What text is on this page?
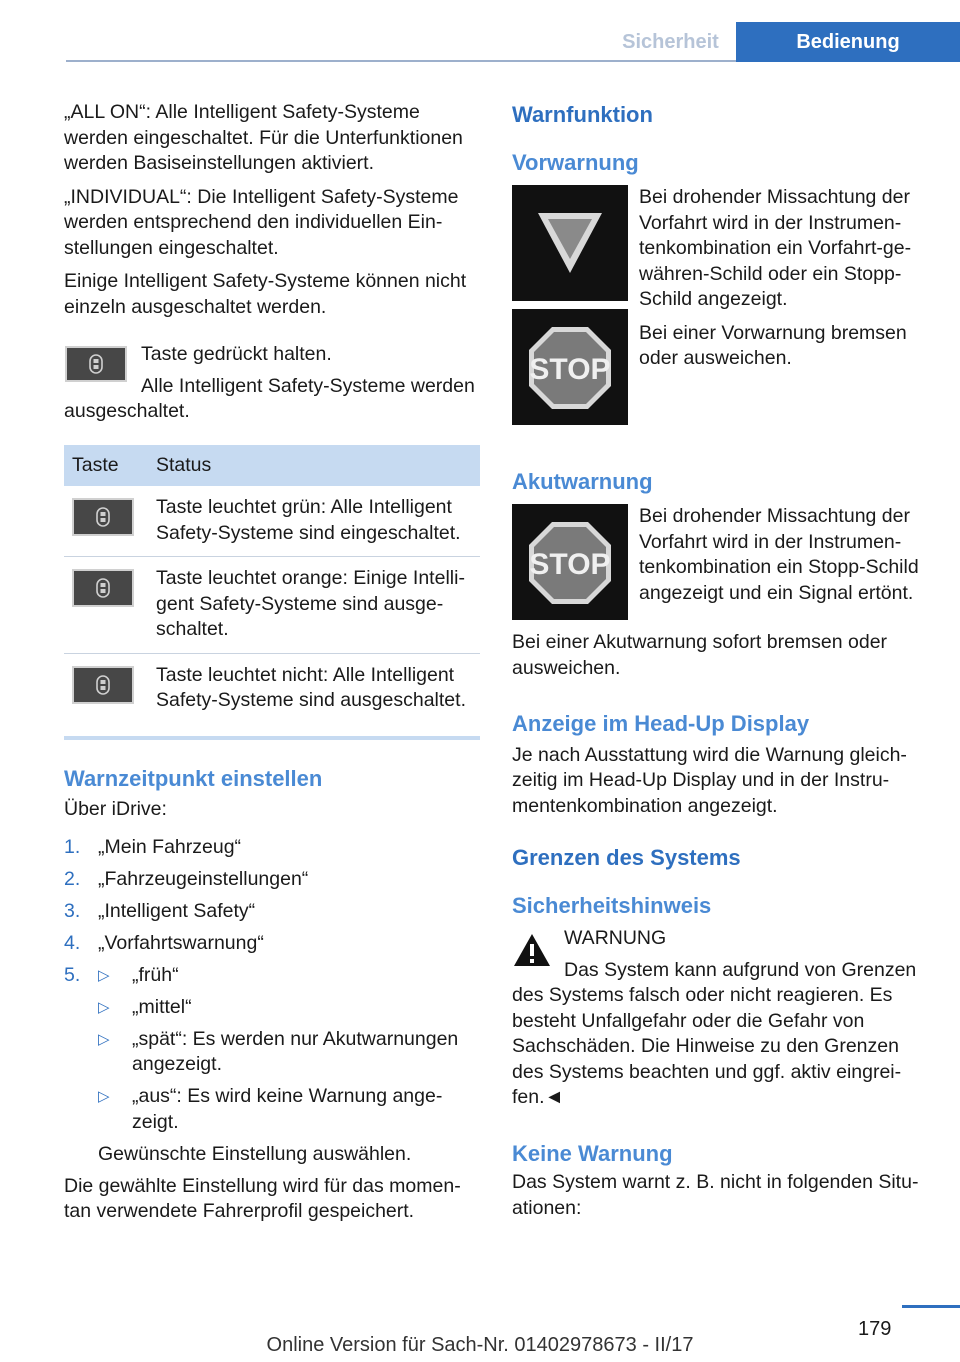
Sicherheit	Bedienung

„ALL ON“: Alle Intelligent Safety-Systeme werden eingeschaltet. Für die Unterfunktionen werden Basiseinstellungen aktiviert.

„INDIVIDUAL“: Die Intelligent Safety-Systeme werden entsprechend den individuellen Einstellungen eingeschaltet.

Einige Intelligent Safety-Systeme können nicht einzeln ausgeschaltet werden.

Taste gedrückt halten.
Alle Intelligent Safety-Systeme werden ausgeschaltet.
Taste	Status

	Taste leuchtet grün: Alle Intelligent Safety-Systeme sind eingeschaltet.

	Taste leuchtet orange: Einige Intelligent Safety-Systeme sind ausgeschaltet.

	Taste leuchtet nicht: Alle Intelligent Safety-Systeme sind ausgeschaltet.
Warnzeitpunkt einstellen

Über iDrive:

1. „Mein Fahrzeug“
2. „Fahrzeugeinstellungen“
3. „Intelligent Safety“
4. „Vorfahrtswarnung“
5. ▷ „früh“
▷ „mittel“
▷ „spät“: Es werden nur Akutwarnungen angezeigt.
▷ „aus“: Es wird keine Warnung angezeigt.
Gewünschte Einstellung auswählen.

Die gewählte Einstellung wird für das momentan verwendete Fahrerprofil gespeichert.

Warnfunktion
Vorwarnung
Bei drohender Missachtung der Vorfahrt wird in der Instrumentenkombination ein Vorfahrt-gewähren-Schild oder ein Stopp-Schild angezeigt.
STOP
Bei einer Vorwarnung bremsen oder ausweichen.
Akutwarnung
STOP
Bei drohender Missachtung der Vorfahrt wird in der Instrumentenkombination ein Stopp-Schild angezeigt und ein Signal ertönt.

Bei einer Akutwarnung sofort bremsen oder ausweichen.

Anzeige im Head-Up Display

Je nach Ausstattung wird die Warnung gleichzeitig im Head-Up Display und in der Instrumentenkombination angezeigt.

Grenzen des Systems
Sicherheitshinweis
WARNUNG
Das System kann aufgrund von Grenzen des Systems falsch oder nicht reagieren. Es besteht Unfallgefahr oder die Gefahr von Sachschäden. Die Hinweise zu den Grenzen des Systems beachten und ggf. aktiv eingreifen.◄
Keine Warnung

Das System warnt z. B. nicht in folgenden Situationen:

179
Online Version für Sach-Nr. 01402978673 - II/17
